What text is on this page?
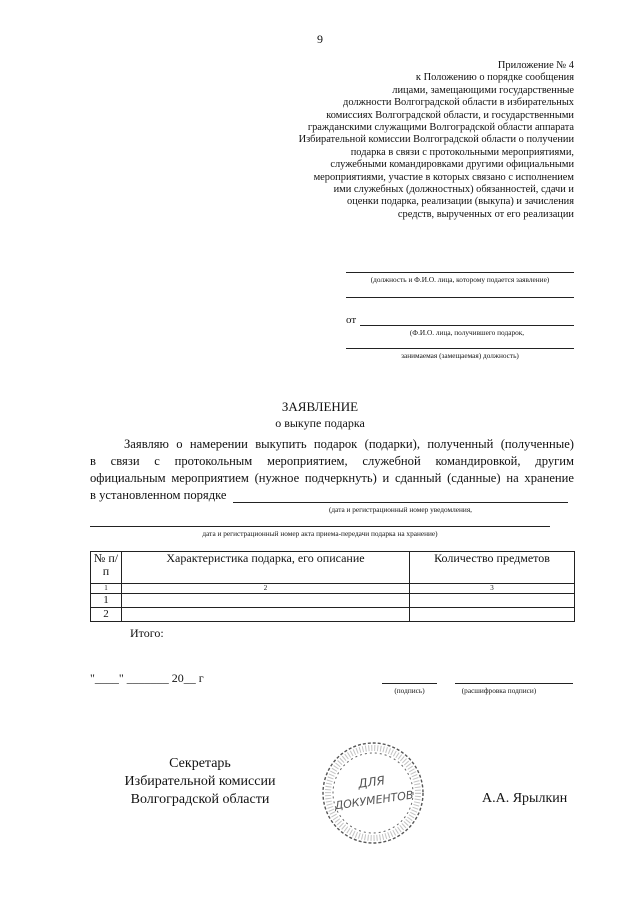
9
Приложение № 4
к Положению о порядке сообщения
лицами, замещающими государственные
должности Волгоградской области в избирательных
комиссиях Волгоградской области, и государственными
гражданскими служащими Волгоградской области аппарата
Избирательной комиссии Волгоградской области о получении
подарка в связи с протокольными мероприятиями,
служебными командировками другими официальными
мероприятиями, участие в которых связано с исполнением
ими служебных (должностных) обязанностей, сдачи и
оценки подарка, реализации (выкупа) и зачисления
средств, вырученных от его реализации
(должность и Ф.И.О. лица, которому подается заявление)
от
(Ф.И.О. лица, получившего подарок,
занимаемая (замещаемая) должность)
ЗАЯВЛЕНИЕ
о выкупе подарка
Заявляю о намерении выкупить подарок (подарки), полученный (полученные)
в связи с протокольным мероприятием, служебной командировкой, другим
официальным мероприятием (нужное подчеркнуть) и сданный (сданные) на хранение
в установленном порядке
(дата и регистрационный номер уведомления,
дата и регистрационный номер акта приема-передачи подарка на хранение)
№ п/п	Характеристика подарка, его описание	Количество предметов
1	2	3
1		
2		
Итого:
"____" _______ 20__ г
(подпись)	(расшифровка подписи)
Секретарь
Избирательной комиссии
Волгоградской области	А.А. Ярылкин
ДЛЯ
ДОКУМЕНТОВ
